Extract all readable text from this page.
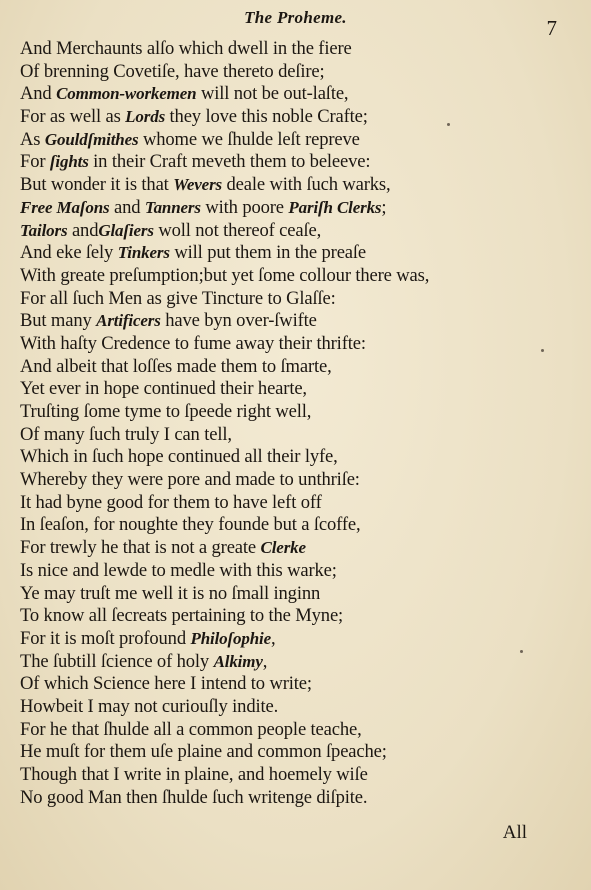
The Proheme.	7
And Merchaunts alſo which dwell in the fiere
Of brenning Covetiſe, have thereto deſire;
And Common-workemen will not be out-laſte,
For as well as Lords they love this noble Crafte;
As Gouldſmithes whome we ſhulde leſt repreve
For ſights in their Craft meveth them to beleeve:
But wonder it is that Wevers deale with ſuch warks,
Free Maſons and Tanners with poore Pariſh Clerks;
Tailors andGlaſiers woll not thereof ceaſe,
And eke ſely Tinkers will put them in the preaſe
With greate preſumption;but yet ſome collour there was,
For all ſuch Men as give Tincture to Glaſſe:
But many Artificers have byn over-ſwifte
With haſty Credence to fume away their thrifte:
And albeit that loſſes made them to ſmarte,
Yet ever in hope continued their hearte,
Truſting ſome tyme to ſpeede right well,
Of many ſuch truly I can tell,
Which in ſuch hope continued all their lyfe,
Whereby they were pore and made to unthriſe:
It had byne good for them to have left off
In ſeaſon, for noughte they founde but a ſcoffe,
For trewly he that is not a greate Clerke
Is nice and lewde to medle with this warke;
Ye may truſt me well it is no ſmall inginn
To know all ſecreats pertaining to the Myne;
For it is moſt profound Philoſophie,
The ſubtill ſcience of holy Alkimy,
Of which Science here I intend to write;
Howbeit I may not curiouſly indite.
For he that ſhulde all a common people teache,
He muſt for them uſe plaine and common ſpeache;
Though that I write in plaine, and hoemely wiſe
No good Man then ſhulde ſuch writenge diſpite.
All
